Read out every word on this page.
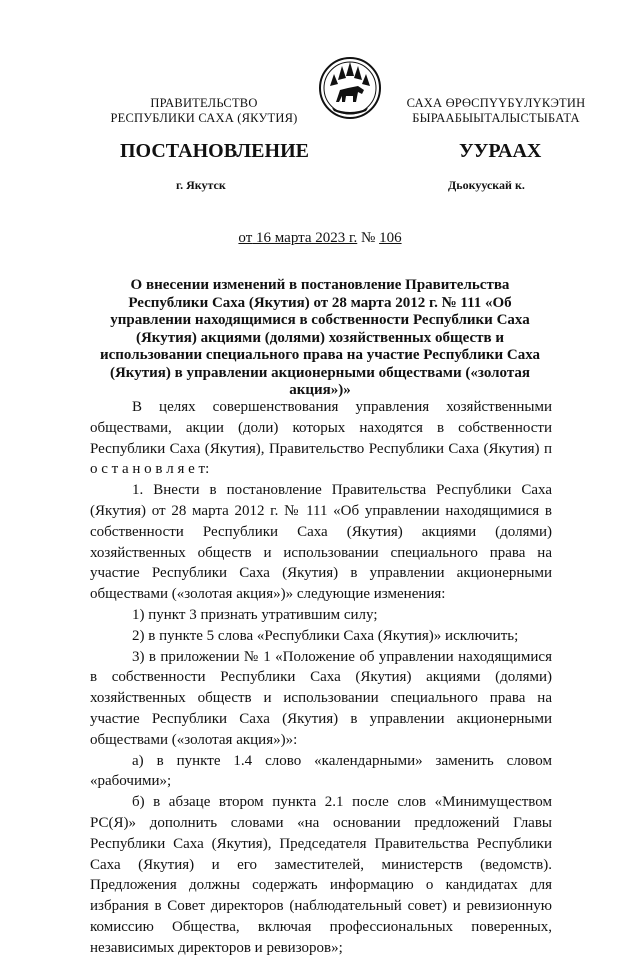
ПРАВИТЕЛЬСТВО
РЕСПУБЛИКИ САХА (ЯКУТИЯ)
САХА ӨРӨСПҮҮБҮЛҮКЭТИН
БЫРААБЫЫТАЛЫСТЫБАТА
ПОСТАНОВЛЕНИЕ	УУРААХ
г. Якутск	Дьокуускай к.
от 16 марта 2023 г. № 106
О внесении изменений в постановление Правительства Республики Саха (Якутия) от 28 марта 2012 г. № 111 «Об управлении находящимися в собственности Республики Саха (Якутия) акциями (долями) хозяйственных обществ и использовании специального права на участие Республики Саха (Якутия) в управлении акционерными обществами («золотая акция»)»

В целях совершенствования управления хозяйственными обществами, акции (доли) которых находятся в собственности Республики Саха (Якутия), Правительство Республики Саха (Якутия) п о с т а н о в л я е т:

1. Внести в постановление Правительства Республики Саха (Якутия) от 28 марта 2012 г. № 111 «Об управлении находящимися в собственности Республики Саха (Якутия) акциями (долями) хозяйственных обществ и использовании специального права на участие Республики Саха (Якутия) в управлении акционерными обществами («золотая акция»)» следующие изменения:

1) пункт 3 признать утратившим силу;

2) в пункте 5 слова «Республики Саха (Якутия)» исключить;

3) в приложении № 1 «Положение об управлении находящимися в собственности Республики Саха (Якутия) акциями (долями) хозяйственных обществ и использовании специального права на участие Республики Саха (Якутия) в управлении акционерными обществами («золотая акция»)»:

а) в пункте 1.4 слово «календарными» заменить словом «рабочими»;

б) в абзаце втором пункта 2.1 после слов «Минимуществом РС(Я)» дополнить словами «на основании предложений Главы Республики Саха (Якутия), Председателя Правительства Республики Саха (Якутия) и его заместителей, министерств (ведомств). Предложения должны содержать информацию о кандидатах для избрания в Совет директоров (наблюдательный совет) и ревизионную комиссию Общества, включая профессиональных поверенных, независимых директоров и ревизоров»;
